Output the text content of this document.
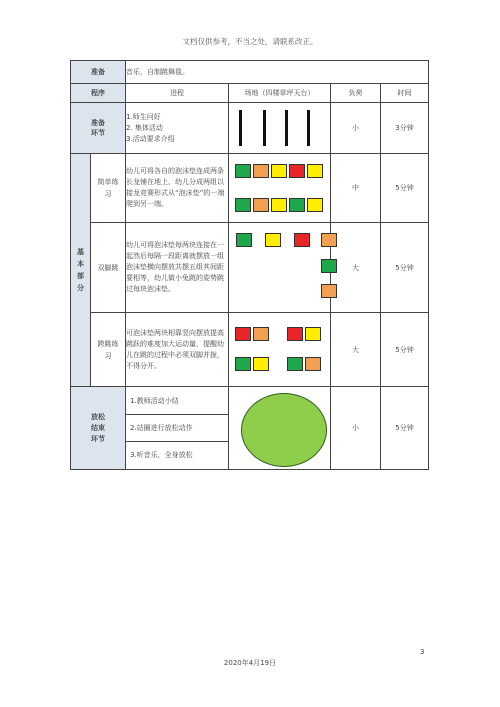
文档仅供参考，不当之处，请联系改正。
准备		音乐，自制跳舞毯。			
程序		进程	场地（四楼草坪天台）	负荷	时间

准备环节		1.师生问好
2. 集体活动
3.活动要求介绍		小	3分钟

基本部分	简单练习	幼儿可将各自的泡沫垫连成两条长龙铺在地上，幼儿分成两组以接龙竞赛形式从“泡沫垫”的一端爬到另一端。		中	5分钟

	双脚跳	幼儿可将泡沫垫每两块连接在一起然后每隔一段距离就摆放一组泡沫垫横向摆放共摆五组其间距要相等，幼儿做小兔跳的姿势跳过每块泡沫垫。		大	5分钟

	跨跳练习	可泡沫垫两块相靠竖向摆放提高跳跃的难度加大运动量，提醒幼儿在跳的过程中必须双脚并拢，不得分开。		大	5分钟

放松结束环节		1.教师活动小结
2.站圈进行放松动作
3.听音乐，全身放松		小	5分钟
3
2020年4月19日
